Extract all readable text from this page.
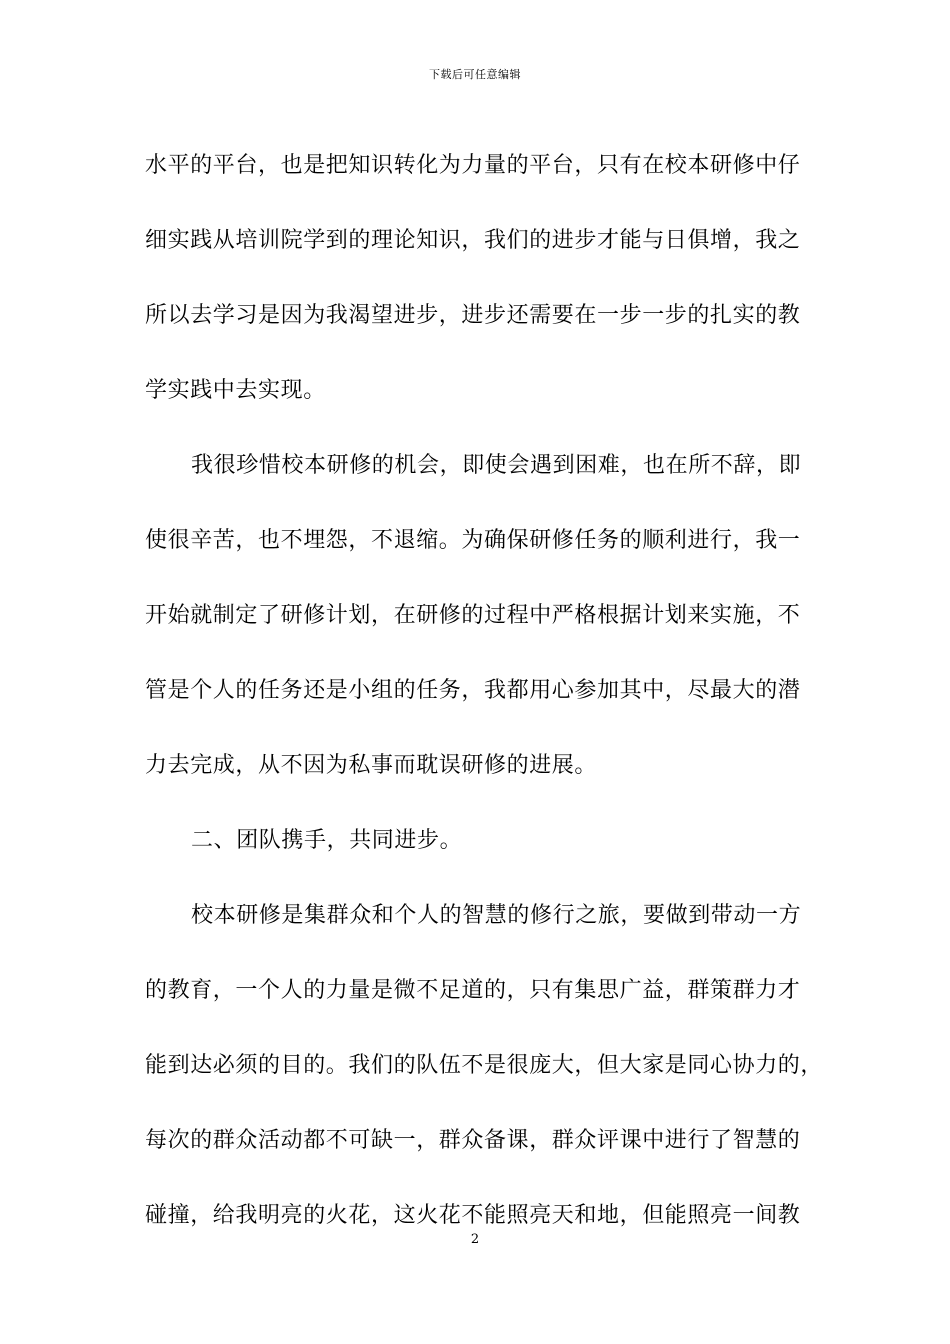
下载后可任意编辑
水平的平台，也是把知识转化为力量的平台，只有在校本研修中仔
细实践从培训院学到的理论知识，我们的进步才能与日俱增，我之
所以去学习是因为我渴望进步，进步还需要在一步一步的扎实的教
学实践中去实现。
我很珍惜校本研修的机会，即使会遇到困难，也在所不辞，即
使很辛苦，也不埋怨，不退缩。为确保研修任务的顺利进行，我一
开始就制定了研修计划，在研修的过程中严格根据计划来实施，不
管是个人的任务还是小组的任务，我都用心参加其中，尽最大的潜
力去完成，从不因为私事而耽误研修的进展。
二、团队携手，共同进步。
校本研修是集群众和个人的智慧的修行之旅，要做到带动一方
的教育，一个人的力量是微不足道的，只有集思广益，群策群力才
能到达必须的目的。我们的队伍不是很庞大，但大家是同心协力的，
每次的群众活动都不可缺一，群众备课，群众评课中进行了智慧的
碰撞，给我明亮的火花，这火花不能照亮天和地，但能照亮一间教
2
